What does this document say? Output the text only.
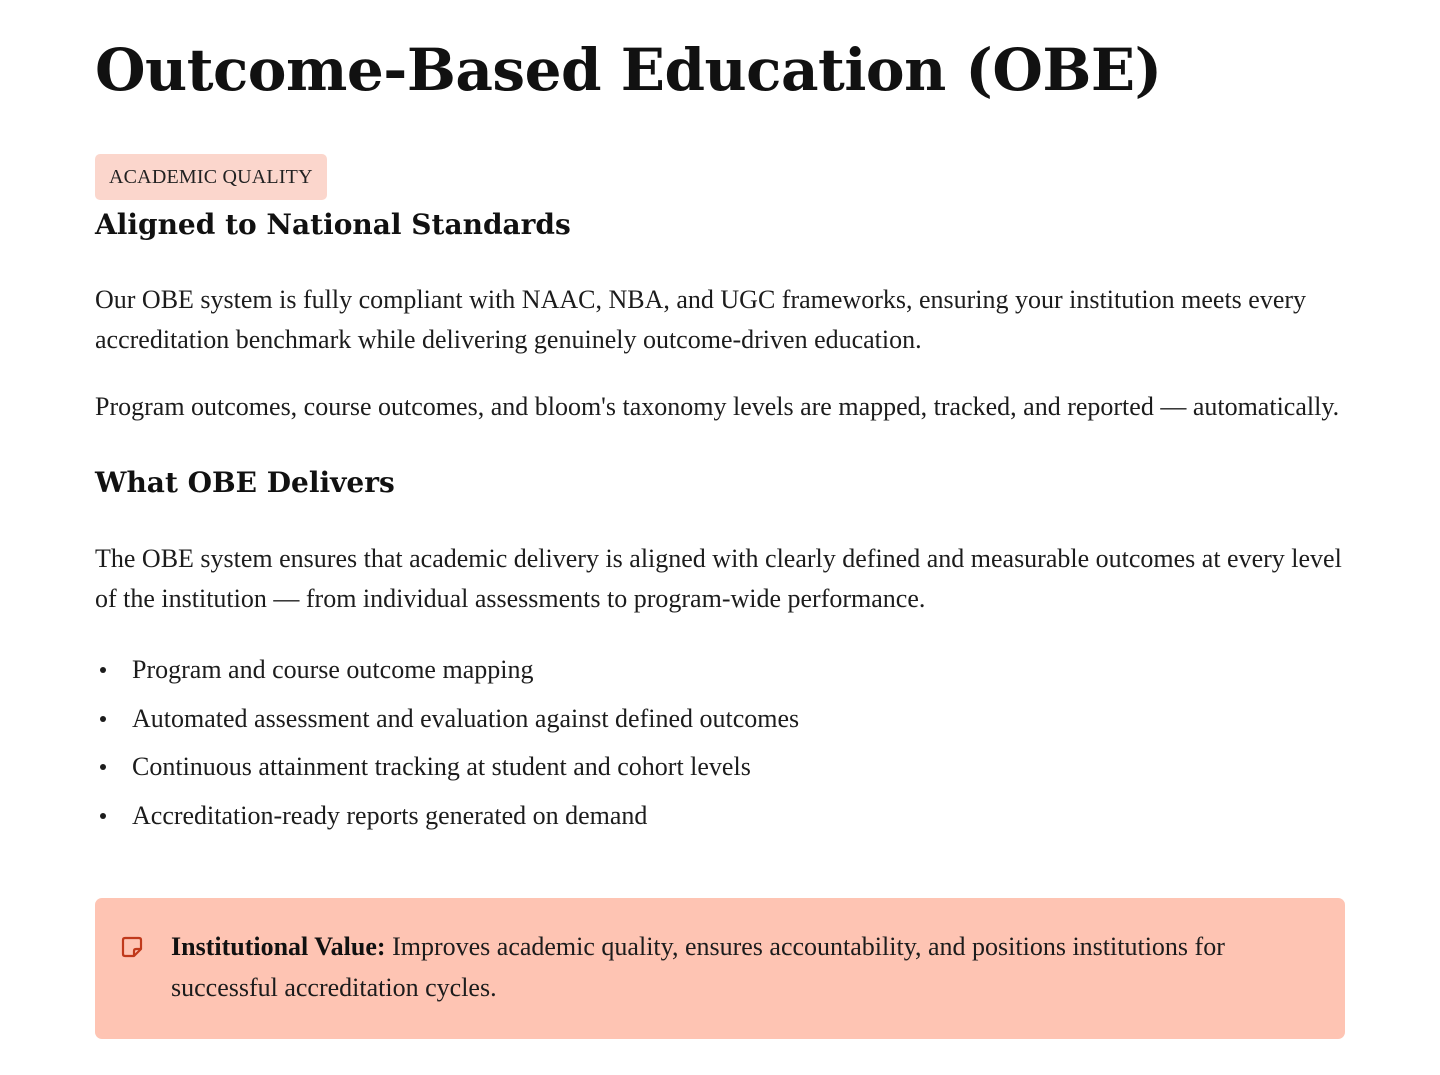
Outcome-Based Education (OBE)
ACADEMIC QUALITY
Aligned to National Standards

Our OBE system is fully compliant with NAAC, NBA, and UGC frameworks, ensuring your institution meets every accreditation benchmark while delivering genuinely outcome-driven education.

Program outcomes, course outcomes, and bloom's taxonomy levels are mapped, tracked, and reported — automatically.

What OBE Delivers

The OBE system ensures that academic delivery is aligned with clearly defined and measurable outcomes at every level of the institution — from individual assessments to program-wide performance.

Program and course outcome mapping
Automated assessment and evaluation against defined outcomes
Continuous attainment tracking at student and cohort levels
Accreditation-ready reports generated on demand

Institutional Value: Improves academic quality, ensures accountability, and positions institutions for successful accreditation cycles.
